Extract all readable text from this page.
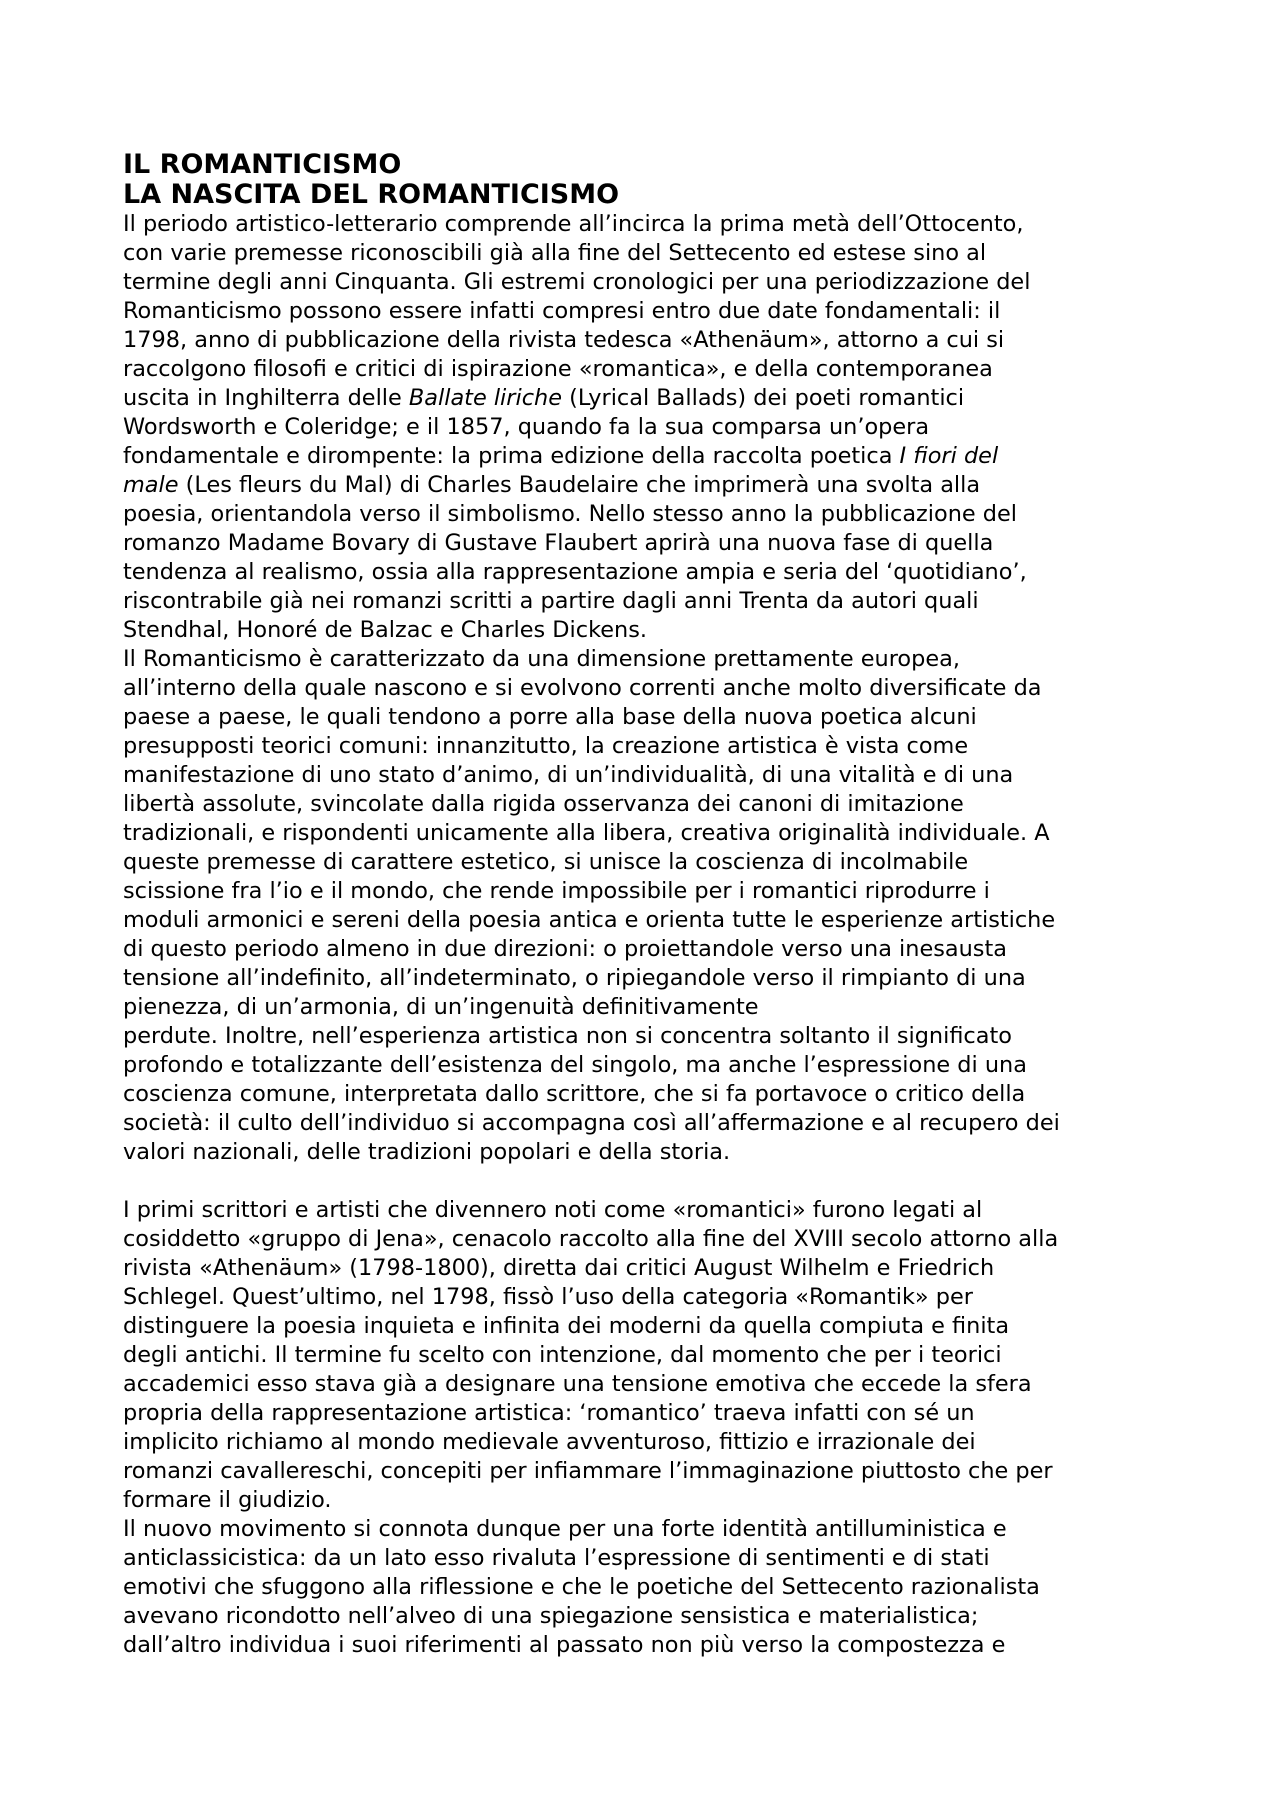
IL ROMANTICISMO
LA NASCITA DEL ROMANTICISMO
Il periodo artistico-letterario comprende all’incirca la prima metà dell’Ottocento,
con varie premesse riconoscibili già alla fine del Settecento ed estese sino al
termine degli anni Cinquanta. Gli estremi cronologici per una periodizzazione del
Romanticismo possono essere infatti compresi entro due date fondamentali: il
1798, anno di pubblicazione della rivista tedesca «Athenäum», attorno a cui si
raccolgono filosofi e critici di ispirazione «romantica», e della contemporanea
uscita in Inghilterra delle Ballate liriche (Lyrical Ballads) dei poeti romantici
Wordsworth e Coleridge; e il 1857, quando fa la sua comparsa un’opera
fondamentale e dirompente: la prima edizione della raccolta poetica I fiori del
male (Les fleurs du Mal) di Charles Baudelaire che imprimerà una svolta alla
poesia, orientandola verso il simbolismo. Nello stesso anno la pubblicazione del
romanzo Madame Bovary di Gustave Flaubert aprirà una nuova fase di quella
tendenza al realismo, ossia alla rappresentazione ampia e seria del ‘quotidiano’,
riscontrabile già nei romanzi scritti a partire dagli anni Trenta da autori quali
Stendhal, Honoré de Balzac e Charles Dickens.
Il Romanticismo è caratterizzato da una dimensione prettamente europea,
all’interno della quale nascono e si evolvono correnti anche molto diversificate da
paese a paese, le quali tendono a porre alla base della nuova poetica alcuni
presupposti teorici comuni: innanzitutto, la creazione artistica è vista come
manifestazione di uno stato d’animo, di un’individualità, di una vitalità e di una
libertà assolute, svincolate dalla rigida osservanza dei canoni di imitazione
tradizionali, e rispondenti unicamente alla libera, creativa originalità individuale. A
queste premesse di carattere estetico, si unisce la coscienza di incolmabile
scissione fra l’io e il mondo, che rende impossibile per i romantici riprodurre i
moduli armonici e sereni della poesia antica e orienta tutte le esperienze artistiche
di questo periodo almeno in due direzioni: o proiettandole verso una inesausta
tensione all’indefinito, all’indeterminato, o ripiegandole verso il rimpianto di una
pienezza, di un’armonia, di un’ingenuità definitivamente
perdute. Inoltre, nell’esperienza artistica non si concentra soltanto il significato
profondo e totalizzante dell’esistenza del singolo, ma anche l’espressione di una
coscienza comune, interpretata dallo scrittore, che si fa portavoce o critico della
società: il culto dell’individuo si accompagna così all’affermazione e al recupero dei
valori nazionali, delle tradizioni popolari e della storia.
I primi scrittori e artisti che divennero noti come «romantici» furono legati al
cosiddetto «gruppo di Jena», cenacolo raccolto alla fine del XVIII secolo attorno alla
rivista «Athenäum» (1798-1800), diretta dai critici August Wilhelm e Friedrich
Schlegel. Quest’ultimo, nel 1798, fissò l’uso della categoria «Romantik» per
distinguere la poesia inquieta e infinita dei moderni da quella compiuta e finita
degli antichi. Il termine fu scelto con intenzione, dal momento che per i teorici
accademici esso stava già a designare una tensione emotiva che eccede la sfera
propria della rappresentazione artistica: ‘romantico’ traeva infatti con sé un
implicito richiamo al mondo medievale avventuroso, fittizio e irrazionale dei
romanzi cavallereschi, concepiti per infiammare l’immaginazione piuttosto che per
formare il giudizio.
Il nuovo movimento si connota dunque per una forte identità antilluministica e
anticlassicistica: da un lato esso rivaluta l’espressione di sentimenti e di stati
emotivi che sfuggono alla riflessione e che le poetiche del Settecento razionalista
avevano ricondotto nell’alveo di una spiegazione sensistica e materialistica;
dall’altro individua i suoi riferimenti al passato non più verso la compostezza e
